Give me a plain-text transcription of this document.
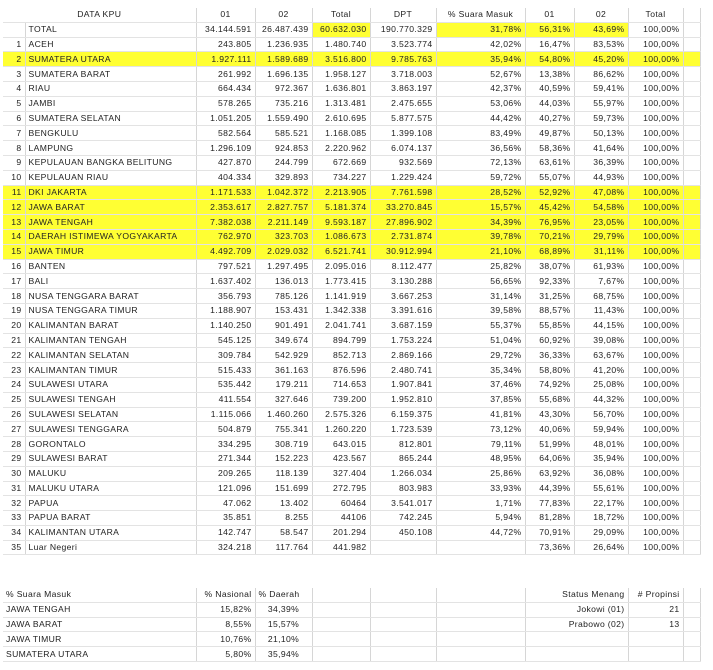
DATA KPU		01	02	Total	DPT	% Suara Masuk	01	02	Total	
	TOTAL	34.144.591	26.487.439	60.632.030	190.770.329	31,78%	56,31%	43,69%	100,00%	
1	ACEH	243.805	1.236.935	1.480.740	3.523.774	42,02%	16,47%	83,53%	100,00%	
2	SUMATERA UTARA	1.927.111	1.589.689	3.516.800	9.785.763	35,94%	54,80%	45,20%	100,00%	
3	SUMATERA BARAT	261.992	1.696.135	1.958.127	3.718.003	52,67%	13,38%	86,62%	100,00%	
4	RIAU	664.434	972.367	1.636.801	3.863.197	42,37%	40,59%	59,41%	100,00%	
5	JAMBI	578.265	735.216	1.313.481	2.475.655	53,06%	44,03%	55,97%	100,00%	
6	SUMATERA SELATAN	1.051.205	1.559.490	2.610.695	5.877.575	44,42%	40,27%	59,73%	100,00%	
7	BENGKULU	582.564	585.521	1.168.085	1.399.108	83,49%	49,87%	50,13%	100,00%	
8	LAMPUNG	1.296.109	924.853	2.220.962	6.074.137	36,56%	58,36%	41,64%	100,00%	
9	KEPULAUAN BANGKA BELITUNG	427.870	244.799	672.669	932.569	72,13%	63,61%	36,39%	100,00%	
10	KEPULAUAN RIAU	404.334	329.893	734.227	1.229.424	59,72%	55,07%	44,93%	100,00%	
11	DKI JAKARTA	1.171.533	1.042.372	2.213.905	7.761.598	28,52%	52,92%	47,08%	100,00%	
12	JAWA BARAT	2.353.617	2.827.757	5.181.374	33.270.845	15,57%	45,42%	54,58%	100,00%	
13	JAWA TENGAH	7.382.038	2.211.149	9.593.187	27.896.902	34,39%	76,95%	23,05%	100,00%	
14	DAERAH ISTIMEWA YOGYAKARTA	762.970	323.703	1.086.673	2.731.874	39,78%	70,21%	29,79%	100,00%	
15	JAWA TIMUR	4.492.709	2.029.032	6.521.741	30.912.994	21,10%	68,89%	31,11%	100,00%	
16	BANTEN	797.521	1.297.495	2.095.016	8.112.477	25,82%	38,07%	61,93%	100,00%	
17	BALI	1.637.402	136.013	1.773.415	3.130.288	56,65%	92,33%	7,67%	100,00%	
18	NUSA TENGGARA BARAT	356.793	785.126	1.141.919	3.667.253	31,14%	31,25%	68,75%	100,00%	
19	NUSA TENGGARA TIMUR	1.188.907	153.431	1.342.338	3.391.616	39,58%	88,57%	11,43%	100,00%	
20	KALIMANTAN BARAT	1.140.250	901.491	2.041.741	3.687.159	55,37%	55,85%	44,15%	100,00%	
21	KALIMANTAN TENGAH	545.125	349.674	894.799	1.753.224	51,04%	60,92%	39,08%	100,00%	
22	KALIMANTAN SELATAN	309.784	542.929	852.713	2.869.166	29,72%	36,33%	63,67%	100,00%	
23	KALIMANTAN TIMUR	515.433	361.163	876.596	2.480.741	35,34%	58,80%	41,20%	100,00%	
24	SULAWESI UTARA	535.442	179.211	714.653	1.907.841	37,46%	74,92%	25,08%	100,00%	
25	SULAWESI TENGAH	411.554	327.646	739.200	1.952.810	37,85%	55,68%	44,32%	100,00%	
26	SULAWESI SELATAN	1.115.066	1.460.260	2.575.326	6.159.375	41,81%	43,30%	56,70%	100,00%	
27	SULAWESI TENGGARA	504.879	755.341	1.260.220	1.723.539	73,12%	40,06%	59,94%	100,00%	
28	GORONTALO	334.295	308.719	643.015	812.801	79,11%	51,99%	48,01%	100,00%	
29	SULAWESI BARAT	271.344	152.223	423.567	865.244	48,95%	64,06%	35,94%	100,00%	
30	MALUKU	209.265	118.139	327.404	1.266.034	25,86%	63,92%	36,08%	100,00%	
31	MALUKU UTARA	121.096	151.699	272.795	803.983	33,93%	44,39%	55,61%	100,00%	
32	PAPUA	47.062	13.402	60464	3.541.017	1,71%	77,83%	22,17%	100,00%	
33	PAPUA BARAT	35.851	8.255	44106	742.245	5,94%	81,28%	18,72%	100,00%	
34	KALIMANTAN UTARA	142.747	58.547	201.294	450.108	44,72%	70,91%	29,09%	100,00%	
35	Luar Negeri	324.218	117.764	441.982			73,36%	26,64%	100,00%	
% Suara Masuk	% Nasional	% Daerah				Status Menang	# Propinsi	
JAWA TENGAH	15,82%	34,39%				Jokowi (01)	21	
JAWA BARAT	8,55%	15,57%				Prabowo (02)	13	
JAWA TIMUR	10,76%	21,10%						
SUMATERA UTARA	5,80%	35,94%						
